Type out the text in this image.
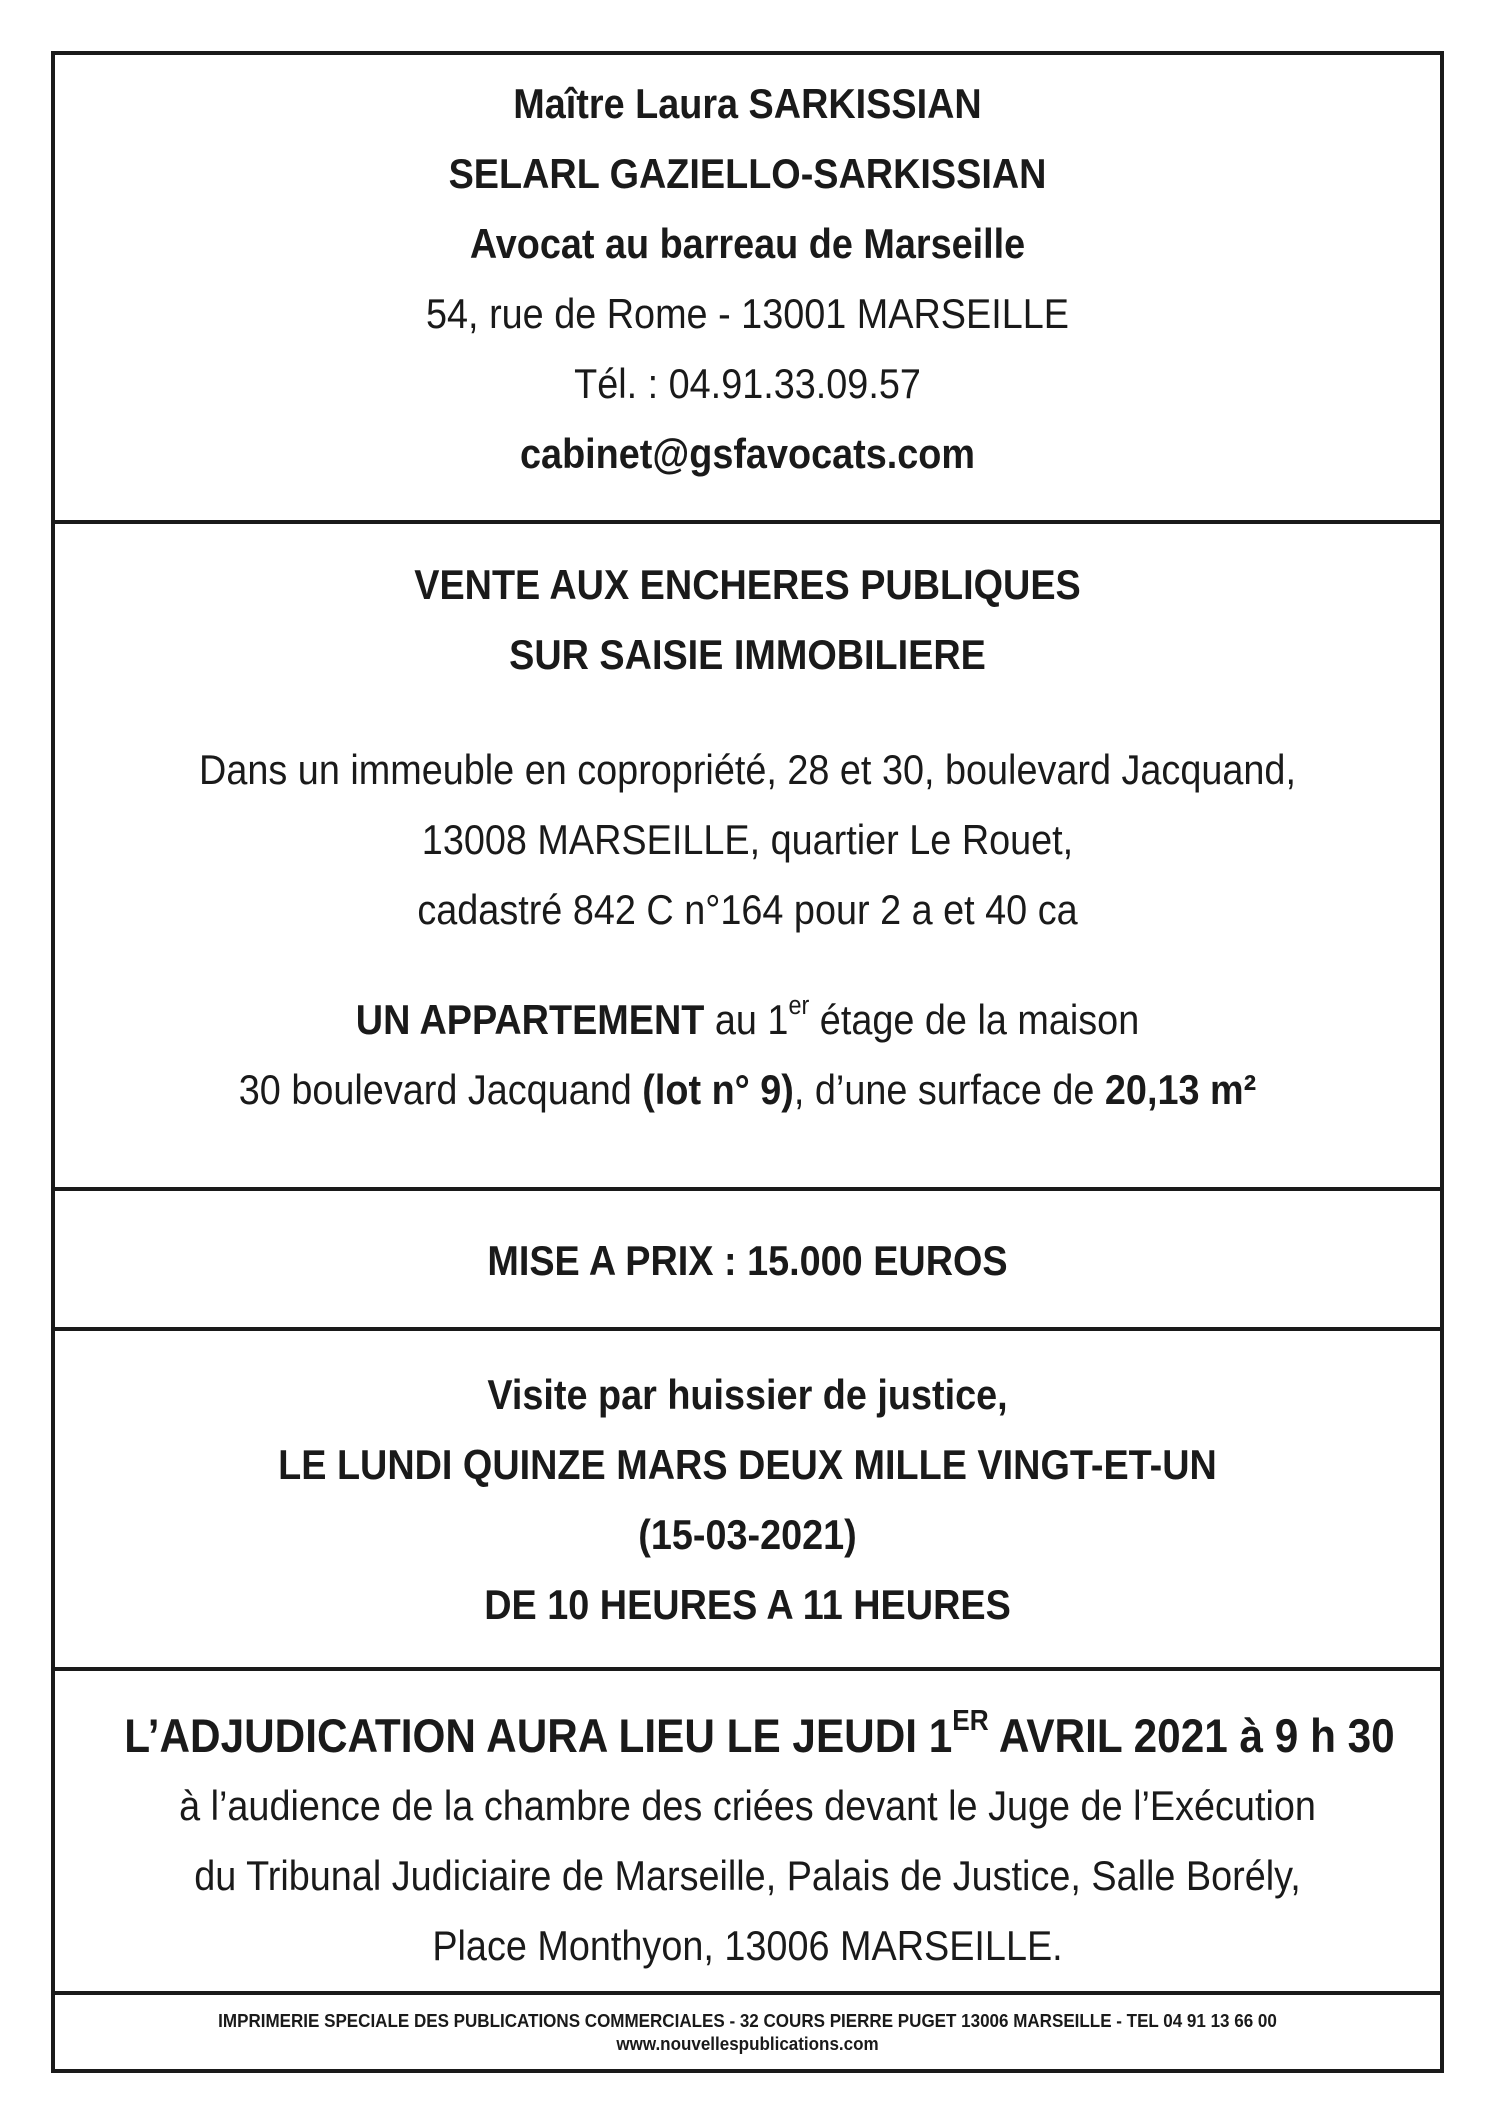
Maître Laura SARKISSIAN
SELARL GAZIELLO-SARKISSIAN
Avocat au barreau de Marseille
54, rue de Rome - 13001 MARSEILLE
Tél. : 04.91.33.09.57
cabinet@gsfavocats.com
VENTE AUX ENCHERES PUBLIQUES
SUR SAISIE IMMOBILIERE
Dans un immeuble en copropriété, 28 et 30, boulevard Jacquand,
13008 MARSEILLE, quartier Le Rouet,
cadastré 842 C n°164 pour 2 a et 40 ca
UN APPARTEMENT au 1er étage de la maison
30 boulevard Jacquand (lot n° 9), d’une surface de 20,13 m²
MISE A PRIX : 15.000 EUROS
Visite par huissier de justice,
LE LUNDI QUINZE MARS DEUX MILLE VINGT-ET-UN
(15-03-2021)
DE 10 HEURES A 11 HEURES
L’ADJUDICATION AURA LIEU LE JEUDI 1ER AVRIL 2021 à 9 h 30
à l’audience de la chambre des criées devant le Juge de l’Exécution
du Tribunal Judiciaire de Marseille, Palais de Justice, Salle Borély,
Place Monthyon, 13006 MARSEILLE.
IMPRIMERIE SPECIALE DES PUBLICATIONS COMMERCIALES - 32 COURS PIERRE PUGET 13006 MARSEILLE - TEL 04 91 13 66 00
www.nouvellespublications.com
